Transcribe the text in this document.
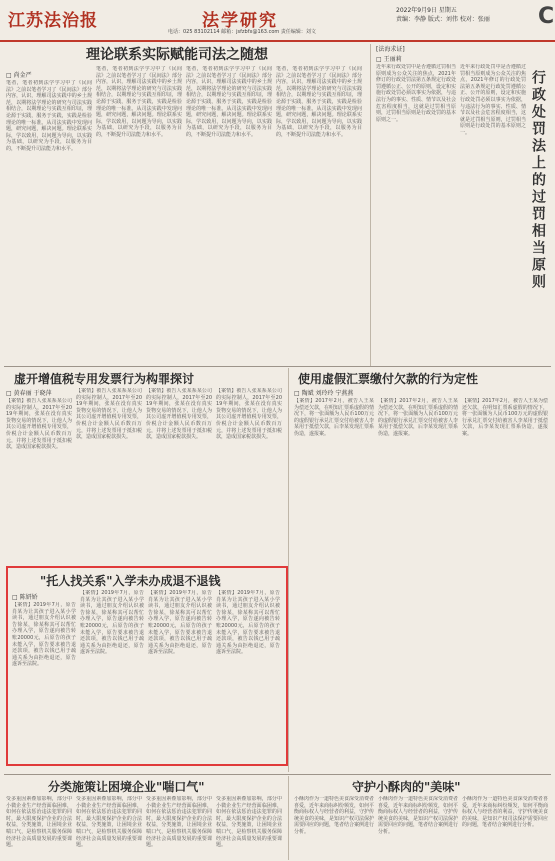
江苏法治报	法学研究
电话：025 83102114 邮箱：jsfzbfx@163.com 责任编辑：刘文
2022年9月9日 星期五
责编：李静 版式：刘伟 校对：张丽	C
理论联系实际赋能司法之随想
□ 尚金严
笔者，笔者初到法学学习中了《民间法》之前以笔者学习了《民间法》部分内容，认识，理解司法实践中的乡土规范，以期将法学理论的研究与司法实践相结合，以期理论与实践互相印证，理论源于实践，服务于实践，实践是检验理论的唯一标准。从司法实践中发现问题，研究问题，解决问题。理论联系实际，学以致用，以问题为导向，以实践为基础，以研究为手段，以服务为目的，不断提升司法能力和水平。
笔者，笔者初到法学学习中了《民间法》之前以笔者学习了《民间法》部分内容，认识，理解司法实践中的乡土规范，以期将法学理论的研究与司法实践相结合，以期理论与实践互相印证，理论源于实践，服务于实践，实践是检验理论的唯一标准。从司法实践中发现问题，研究问题，解决问题。理论联系实际，学以致用，以问题为导向，以实践为基础，以研究为手段，以服务为目的，不断提升司法能力和水平。
笔者，笔者初到法学学习中了《民间法》之前以笔者学习了《民间法》部分内容，认识，理解司法实践中的乡土规范，以期将法学理论的研究与司法实践相结合，以期理论与实践互相印证，理论源于实践，服务于实践，实践是检验理论的唯一标准。从司法实践中发现问题，研究问题，解决问题。理论联系实际，学以致用，以问题为导向，以实践为基础，以研究为手段，以服务为目的，不断提升司法能力和水平。
笔者，笔者初到法学学习中了《民间法》之前以笔者学习了《民间法》部分内容，认识，理解司法实践中的乡土规范，以期将法学理论的研究与司法实践相结合，以期理论与实践互相印证，理论源于实践，服务于实践，实践是检验理论的唯一标准。从司法实践中发现问题，研究问题，解决问题。理论联系实际，学以致用，以问题为导向，以实践为基础，以研究为手段，以服务为目的，不断提升司法能力和水平。
[法海求证]
□ 王丽莉
近年来行政处罚中是否遵循过罚相当原则成为公众关注的焦点，2021年修订的行政处罚法第五条规定行政处罚遵循公正、公开的原则，设定和实施行政处罚必须以事实为依据，与违法行为的事实、性质、情节以及社会危害程度相当，这就是过罚相当原则，过罚相当原则是行政处罚的基本原则之一。
近年来行政处罚中是否遵循过罚相当原则成为公众关注的焦点，2021年修订的行政处罚法第五条规定行政处罚遵循公正、公开的原则，设定和实施行政处罚必须以事实为依据，与违法行为的事实、性质、情节以及社会危害程度相当，这就是过罚相当原则，过罚相当原则是行政处罚的基本原则之一。	行政处罚法上的过罚相当原则
虚开增值税专用发票行为构罪探讨
□ 黄春丽 于晓萍
【案情】被告人张某系某公司的实际控制人，2017年至2019年期间，张某在没有真实货物交易的情况下，让他人为其公司虚开增值税专用发票，价税合计金额人民币数百万元，并将上述发票用于抵扣税款，造成国家税款损失。
【案情】被告人张某系某公司的实际控制人，2017年至2019年期间，张某在没有真实货物交易的情况下，让他人为其公司虚开增值税专用发票，价税合计金额人民币数百万元，并将上述发票用于抵扣税款，造成国家税款损失。
【案情】被告人张某系某公司的实际控制人，2017年至2019年期间，张某在没有真实货物交易的情况下，让他人为其公司虚开增值税专用发票，价税合计金额人民币数百万元，并将上述发票用于抵扣税款，造成国家税款损失。
【案情】被告人张某系某公司的实际控制人，2017年至2019年期间，张某在没有真实货物交易的情况下，让他人为其公司虚开增值税专用发票，价税合计金额人民币数百万元，并将上述发票用于抵扣税款，造成国家税款损失。
使用虚假汇票缴付欠款的行为定性
□ 陶斌 刘玲玲 宁燕燕
【案情】2017年2月，被告人王某为偿还欠款，在明知汇票系虚假的情况下，将一张面额为人民币100万元的虚假银行承兑汇票交付给被害人李某用于抵偿欠款，后李某发现汇票系伪造，遂报案。
【案情】2017年2月，被告人王某为偿还欠款，在明知汇票系虚假的情况下，将一张面额为人民币100万元的虚假银行承兑汇票交付给被害人李某用于抵偿欠款，后李某发现汇票系伪造，遂报案。
【案情】2017年2月，被告人王某为偿还欠款，在明知汇票系虚假的情况下，将一张面额为人民币100万元的虚假银行承兑汇票交付给被害人李某用于抵偿欠款，后李某发现汇票系伪造，遂报案。
"托人找关系"入学未办成退不退钱
□ 陈妍娇
【案情】2019年7月，原告肖某为让其孩子进入某小学读书，通过朋友介绍认识被告徐某，徐某称其可以帮忙办理入学，原告遂向被告转账20000元，后原告的孩子未能入学，原告要求被告退还款项，被告以钱已用于疏通关系为由拒绝退还，原告遂诉至法院。
【案情】2019年7月，原告肖某为让其孩子进入某小学读书，通过朋友介绍认识被告徐某，徐某称其可以帮忙办理入学，原告遂向被告转账20000元，后原告的孩子未能入学，原告要求被告退还款项，被告以钱已用于疏通关系为由拒绝退还，原告遂诉至法院。
【案情】2019年7月，原告肖某为让其孩子进入某小学读书，通过朋友介绍认识被告徐某，徐某称其可以帮忙办理入学，原告遂向被告转账20000元，后原告的孩子未能入学，原告要求被告退还款项，被告以钱已用于疏通关系为由拒绝退还，原告遂诉至法院。
【案情】2019年7月，原告肖某为让其孩子进入某小学读书，通过朋友介绍认识被告徐某，徐某称其可以帮忙办理入学，原告遂向被告转账20000元，后原告的孩子未能入学，原告要求被告退还款项，被告以钱已用于疏通关系为由拒绝退还，原告遂诉至法院。
分类施策让困境企业"喘口气"
受多重因素叠加影响，部分中小微企业生产经营面临困难，如何在依法惩治违法犯罪的同时，最大限度保护企业的合法权益，分类施策，让困境企业喘口气，是检察机关服务保障经济社会高质量发展的重要课题。
受多重因素叠加影响，部分中小微企业生产经营面临困难，如何在依法惩治违法犯罪的同时，最大限度保护企业的合法权益，分类施策，让困境企业喘口气，是检察机关服务保障经济社会高质量发展的重要课题。
受多重因素叠加影响，部分中小微企业生产经营面临困难，如何在依法惩治违法犯罪的同时，最大限度保护企业的合法权益，分类施策，让困境企业喘口气，是检察机关服务保障经济社会高质量发展的重要课题。
受多重因素叠加影响，部分中小微企业生产经营面临困难，如何在依法惩治违法犯罪的同时，最大限度保护企业的合法权益，分类施策，让困境企业喘口气，是检察机关服务保障经济社会高质量发展的重要课题。
守护小酥肉的"美味"
小酥肉作为一道特色美食深受消费者喜爱，近年来商标纠纷频发，如何平衡商标权人与经营者的利益，守护传统美食的美味，是知识产权司法保护需要回应的问题，笔者结合案例进行分析。
小酥肉作为一道特色美食深受消费者喜爱，近年来商标纠纷频发，如何平衡商标权人与经营者的利益，守护传统美食的美味，是知识产权司法保护需要回应的问题，笔者结合案例进行分析。
小酥肉作为一道特色美食深受消费者喜爱，近年来商标纠纷频发，如何平衡商标权人与经营者的利益，守护传统美食的美味，是知识产权司法保护需要回应的问题，笔者结合案例进行分析。
